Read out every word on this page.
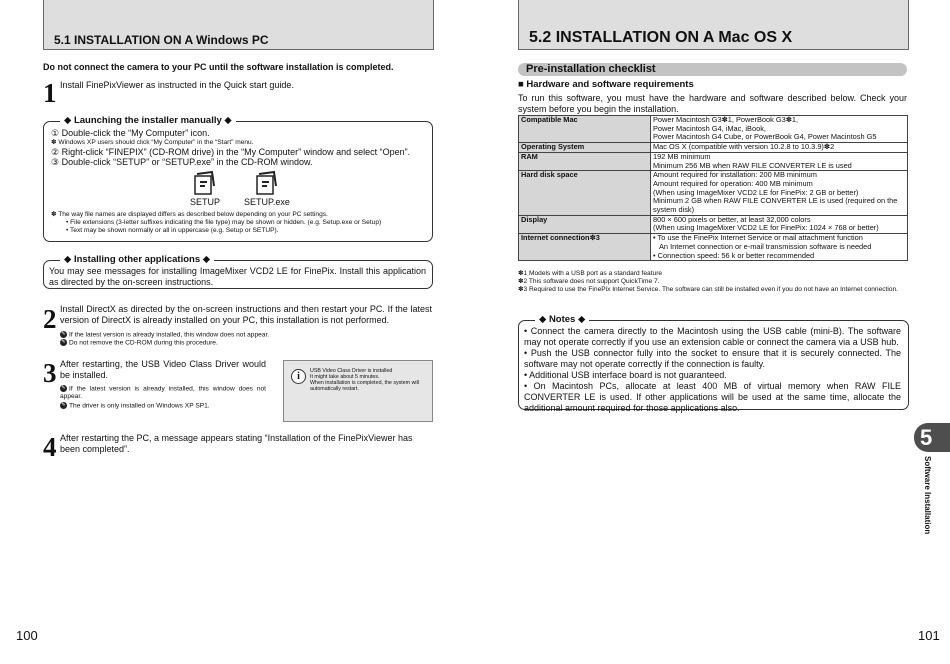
5.1 INSTALLATION ON A Windows PC
Do not connect the camera to your PC until the software installation is completed.
1 Install FinePixViewer as instructed in the Quick start guide.
◆ Launching the installer manually ◆
① Double-click the “My Computer” icon.
✽ Windows XP users should click “My Computer” in the “Start” menu.
② Right-click “FINEPIX” (CD-ROM drive) in the “My Computer” window and select “Open”.
③ Double-click “SETUP” or “SETUP.exe” in the CD-ROM window.
SETUP	SETUP.exe
✽ The way file names are displayed differs as described below depending on your PC settings.
• File extensions (3-letter suffixes indicating the file type) may be shown or hidden. (e.g. Setup.exe or Setup)
• Text may be shown normally or all in uppercase (e.g. Setup or SETUP).
◆ Installing other applications ◆
You may see messages for installing ImageMixer VCD2 LE for FinePix. Install this application as directed by the on-screen instructions.
2 Install DirectX as directed by the on-screen instructions and then restart your PC. If the latest version of DirectX is already installed on your PC, this installation is not performed.
✎ If the latest version is already installed, this window does not appear.
✎ Do not remove the CD-ROM during this procedure.
3 After restarting, the USB Video Class Driver would be installed.
✎ If the latest version is already installed, this window does not appear.
✎ The driver is only installed on Windows XP SP1.
i	USB Video Class Driver is installed
It might take about 5 minutes.
When installation is completed, the system will
automatically restart.
4 After restarting the PC, a message appears stating “Installation of the FinePixViewer has been completed”.
100
5.2 INSTALLATION ON A Mac OS X
Pre-installation checklist
■ Hardware and software requirements
To run this software, you must have the hardware and software described below. Check your system before you begin the installation.
Compatible Mac	Power Macintosh G3✽1, PowerBook G3✽1,
Power Macintosh G4, iMac, iBook,
Power Macintosh G4 Cube, or PowerBook G4, Power Macintosh G5

Operating System	Mac OS X (compatible with version 10.2.8 to 10.3.9)✽2

RAM	192 MB minimum
Minimum 256 MB when RAW FILE CONVERTER LE is used

Hard disk space	Amount required for installation: 200 MB minimum
Amount required for operation: 400 MB minimum
(When using ImageMixer VCD2 LE for FinePix: 2 GB or better)
Minimum 2 GB when RAW FILE CONVERTER LE is used (required on the system disk)

Display	800 × 600 pixels or better, at least 32,000 colors
(When using ImageMixer VCD2 LE for FinePix: 1024 × 768 or better)

Internet connection✽3	• To use the FinePix Internet Service or mail attachment function
An Internet connection or e-mail transmission software is needed
• Connection speed: 56 k or better recommended
✽1 Models with a USB port as a standard feature
✽2 This software does not support QuickTime 7.
✽3 Required to use the FinePix Internet Service. The software can still be installed even if you do not have an Internet connection.
◆ Notes ◆
• Connect the camera directly to the Macintosh using the USB cable (mini-B). The software may not operate correctly if you use an extension cable or connect the camera via a USB hub.
• Push the USB connector fully into the socket to ensure that it is securely connected. The software may not operate correctly if the connection is faulty.
• Additional USB interface board is not guaranteed.
• On Macintosh PCs, allocate at least 400 MB of virtual memory when RAW FILE CONVERTER LE is used. If other applications will be used at the same time, allocate the additional amount required for those applications also.
5
Software Installation
101
